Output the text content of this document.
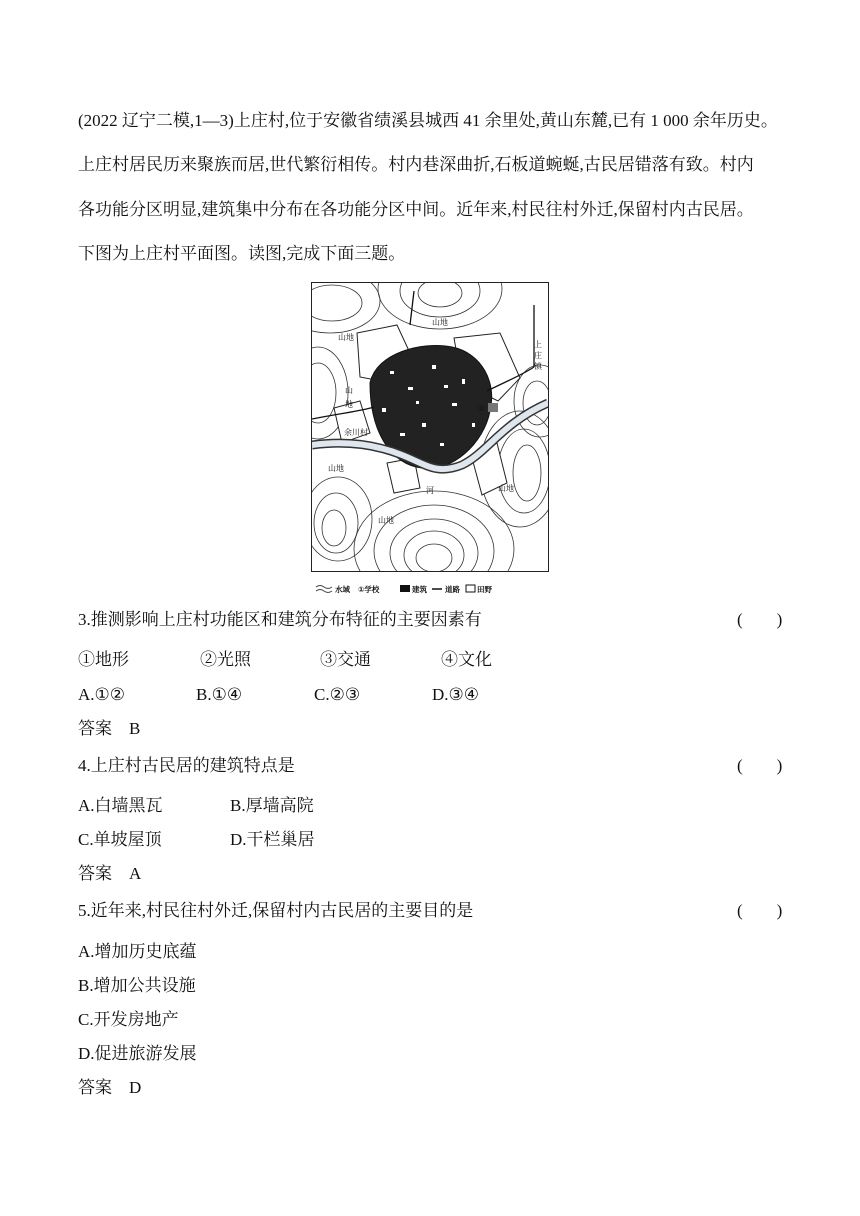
(2022 辽宁二模,1—3)上庄村,位于安徽省绩溪县城西 41 余里处,黄山东麓,已有 1 000 余年历史。
上庄村居民历来聚族而居,世代繁衍相传。村内巷深曲折,石板道蜿蜒,古民居错落有致。村内
各功能分区明显,建筑集中分布在各功能分区中间。近年来,村民往村外迁,保留村内古民居。
下图为上庄村平面图。读图,完成下面三题。
山地
山地
山
地
余川村
山地
山地
山地
河
上
庄
镇
①
水域 ①学校	建筑 道路 田野
3.推测影响上庄村功能区和建筑分布特征的主要因素有	(　　)
①地形	②光照	③交通	④文化
A.①②	B.①④	C.②③	D.③④
答案　B
4.上庄村古民居的建筑特点是	(　　)
A.白墙黑瓦	B.厚墙高院
C.单坡屋顶	D.干栏巢居
答案　A
5.近年来,村民往村外迁,保留村内古民居的主要目的是	(　　)
A.增加历史底蕴
B.增加公共设施
C.开发房地产
D.促进旅游发展
答案　D
